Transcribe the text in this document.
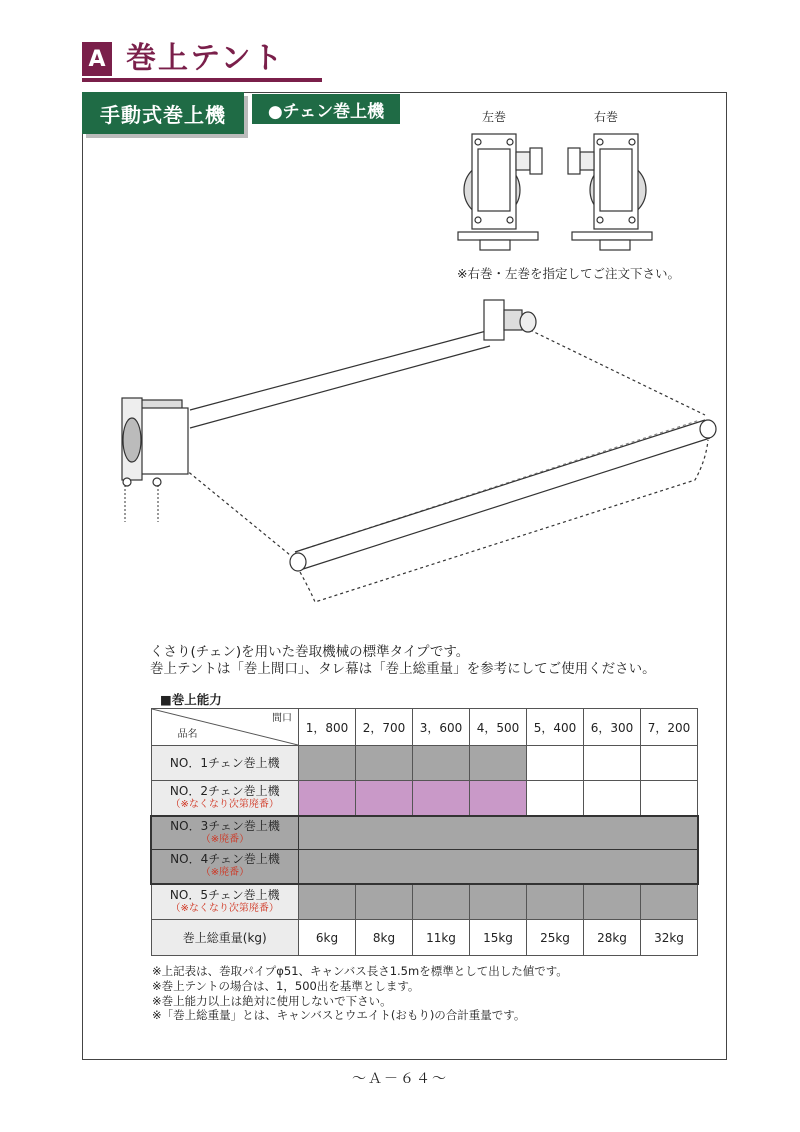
A 巻上テント
手動式巻上機	●チェン巻上機	左巻	右巻
※右巻・左巻を指定してご注文下さい。
くさり(チェン)を用いた巻取機械の標準タイプです。
巻上テントは「巻上間口」、タレ幕は「巻上総重量」を参考にしてご使用ください。
■巻上能力
間口
品名	1，800	2，700	3，600	4，500	5，400	6，300	7，200
NO．1チェン巻上機							
NO．2チェン巻上機
（※なくなり次第廃番）							

NO．3チェン巻上機
（※廃番）							

NO．4チェン巻上機
（※廃番）							

NO．5チェン巻上機
（※なくなり次第廃番）							

巻上総重量(kg)	6kg	8kg	11kg	15kg	25kg	28kg	32kg
※上記表は、巻取パイプφ51、キャンバス長さ1.5mを標準として出した値です。
※巻上テントの場合は、1，500出を基準とします。
※巻上能力以上は絶対に使用しないで下さい。
※「巻上総重量」とは、キャンバスとウエイト(おもり)の合計重量です。
～Ａ－６４～
